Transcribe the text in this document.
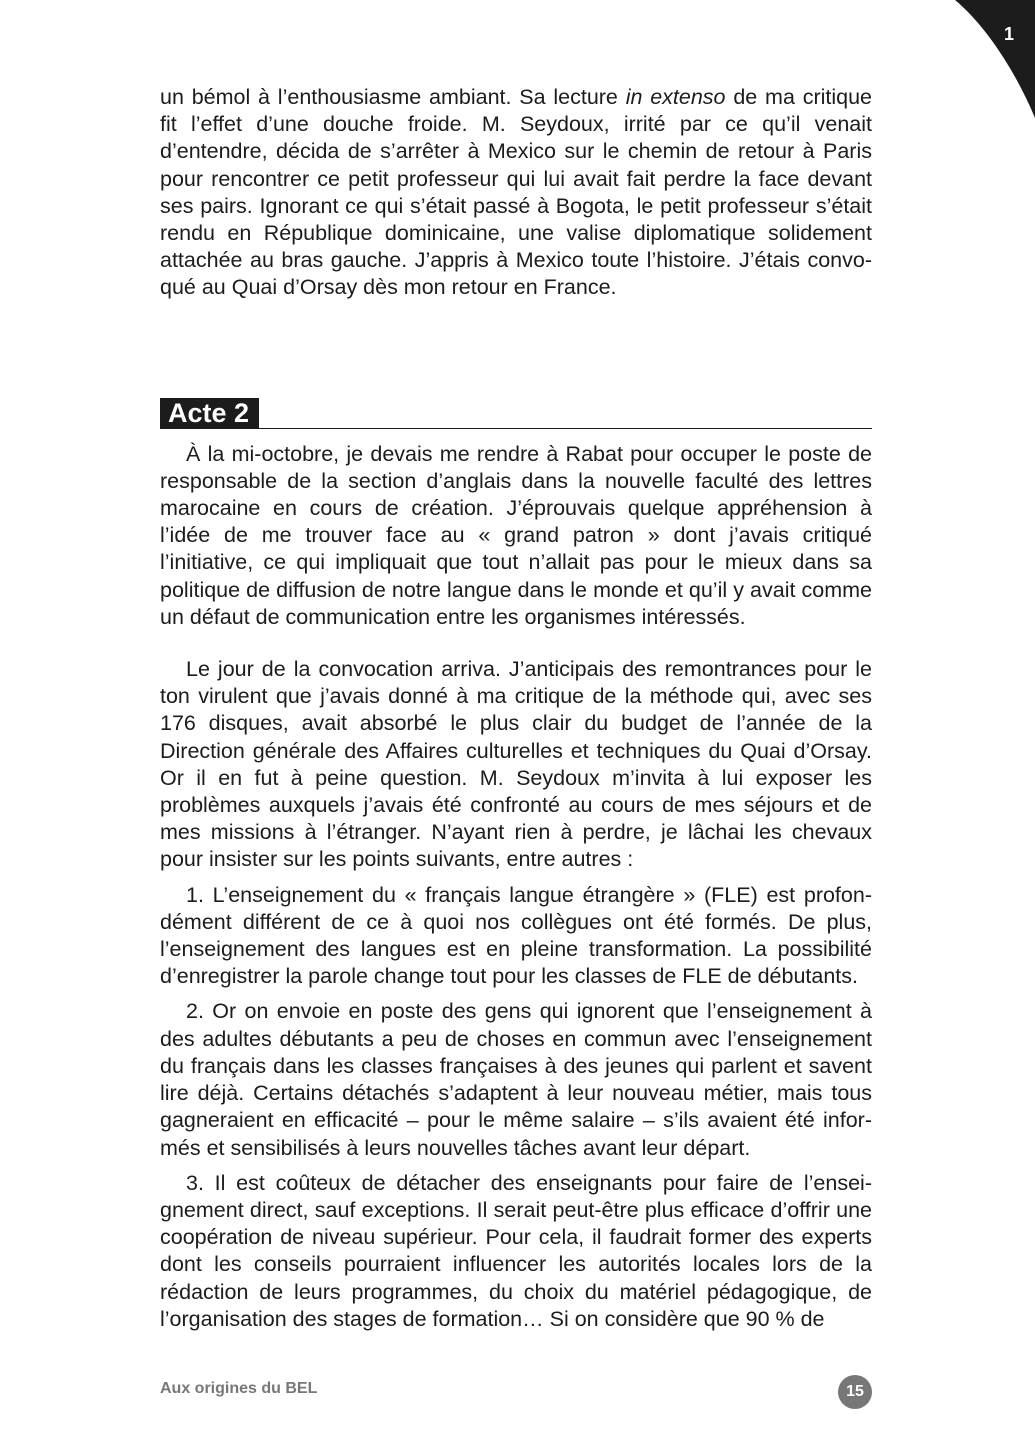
1

un bémol à l’enthousiasme ambiant. Sa lecture in extenso de ma critique fit l’effet d’une douche froide. M. Seydoux, irrité par ce qu’il venait d’entendre, décida de s’arrêter à Mexico sur le chemin de retour à Paris pour rencontrer ce petit professeur qui lui avait fait perdre la face devant ses pairs. Ignorant ce qui s’était passé à Bogota, le petit professeur s’était rendu en République dominicaine, une valise diplomatique solidement attachée au bras gauche. J’appris à Mexico toute l’histoire. J’étais convoqué au Quai d’Orsay dès mon retour en France.

Acte 2

À la mi-octobre, je devais me rendre à Rabat pour occuper le poste de responsable de la section d’anglais dans la nouvelle faculté des lettres marocaine en cours de création. J’éprouvais quelque appréhension à l’idée de me trouver face au « grand patron » dont j’avais critiqué l’initiative, ce qui impliquait que tout n’allait pas pour le mieux dans sa politique de diffusion de notre langue dans le monde et qu’il y avait comme un défaut de communication entre les organismes intéressés.

Le jour de la convocation arriva. J’anticipais des remontrances pour le ton virulent que j’avais donné à ma critique de la méthode qui, avec ses 176 disques, avait absorbé le plus clair du budget de l’année de la Direction générale des Affaires culturelles et techniques du Quai d’Orsay. Or il en fut à peine question. M. Seydoux m’invita à lui exposer les problèmes auxquels j’avais été confronté au cours de mes séjours et de mes missions à l’étranger. N’ayant rien à perdre, je lâchai les chevaux pour insister sur les points suivants, entre autres :

1. L’enseignement du « français langue étrangère » (FLE) est profondément différent de ce à quoi nos collègues ont été formés. De plus, l’enseignement des langues est en pleine transformation. La possibilité d’enregistrer la parole change tout pour les classes de FLE de débutants.

2. Or on envoie en poste des gens qui ignorent que l’enseignement à des adultes débutants a peu de choses en commun avec l’enseignement du français dans les classes françaises à des jeunes qui parlent et savent lire déjà. Certains détachés s’adaptent à leur nouveau métier, mais tous gagneraient en efficacité – pour le même salaire – s’ils avaient été informés et sensibilisés à leurs nouvelles tâches avant leur départ.

3. Il est coûteux de détacher des enseignants pour faire de l’enseignement direct, sauf exceptions. Il serait peut-être plus efficace d’offrir une coopération de niveau supérieur. Pour cela, il faudrait former des experts dont les conseils pourraient influencer les autorités locales lors de la rédaction de leurs programmes, du choix du matériel pédagogique, de l’organisation des stages de formation… Si on considère que 90 % de

Aux origines du BEL	15
